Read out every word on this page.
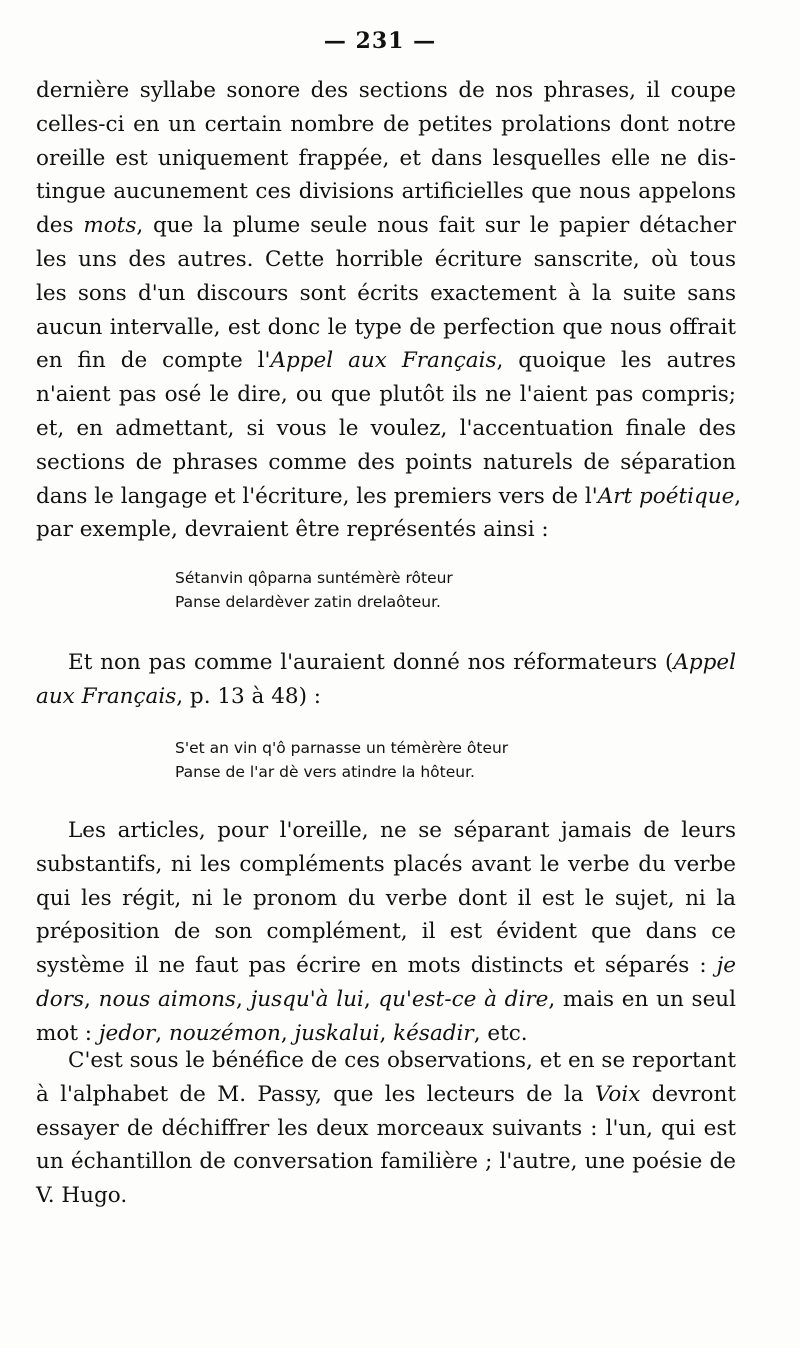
— 231 —
dernière syllabe sonore des sections de nos phrases, il coupe
celles-ci en un certain nombre de petites prolations dont notre
oreille est uniquement frappée, et dans lesquelles elle ne dis-
tingue aucunement ces divisions artificielles que nous appelons
des mots, que la plume seule nous fait sur le papier détacher
les uns des autres. Cette horrible écriture sanscrite, où tous
les sons d'un discours sont écrits exactement à la suite sans
aucun intervalle, est donc le type de perfection que nous offrait
en fin de compte l'Appel aux Français, quoique les autres
n'aient pas osé le dire, ou que plutôt ils ne l'aient pas compris;
et, en admettant, si vous le voulez, l'accentuation finale des
sections de phrases comme des points naturels de séparation
dans le langage et l'écriture, les premiers vers de l'Art poétique,
par exemple, devraient être représentés ainsi :
Sétanvin qôparna suntémèrè rôteur
Panse delardèver zatin drelaôteur.
Et non pas comme l'auraient donné nos réformateurs (Appel
aux Français, p. 13 à 48) :
S'et an vin q'ô parnasse un témèrère ôteur
Panse de l'ar dè vers atindre la hôteur.
Les articles, pour l'oreille, ne se séparant jamais de leurs
substantifs, ni les compléments placés avant le verbe du verbe
qui les régit, ni le pronom du verbe dont il est le sujet, ni la
préposition de son complément, il est évident que dans ce
système il ne faut pas écrire en mots distincts et séparés : je
dors, nous aimons, jusqu'à lui, qu'est-ce à dire, mais en un seul
mot : jedor, nouzémon, juskalui, késadir, etc.
C'est sous le bénéfice de ces observations, et en se reportant
à l'alphabet de M. Passy, que les lecteurs de la Voix devront
essayer de déchiffrer les deux morceaux suivants : l'un, qui est
un échantillon de conversation familière ; l'autre, une poésie de
V. Hugo.
